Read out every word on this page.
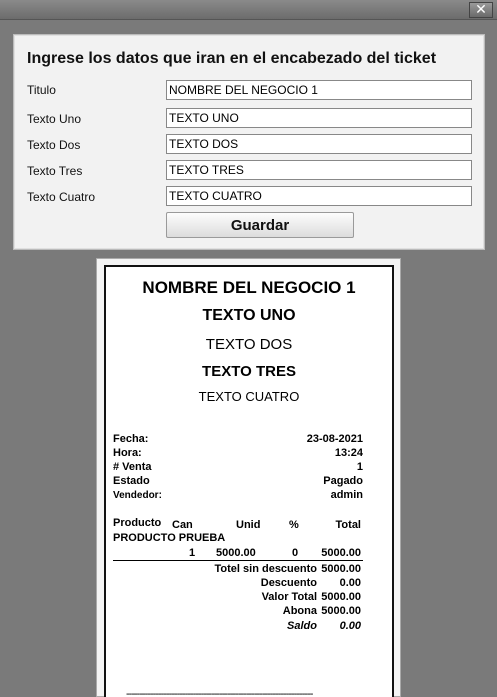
✕
Ingrese los datos que iran en el encabezado del ticket
Titulo
NOMBRE DEL NEGOCIO 1
Texto Uno
TEXTO UNO
Texto Dos
TEXTO DOS
Texto Tres
TEXTO TRES
Texto Cuatro
TEXTO CUATRO
Guardar
NOMBRE DEL NEGOCIO 1
TEXTO UNO
TEXTO DOS
TEXTO TRES
TEXTO CUATRO
Fecha:	23-08-2021
Hora:	13:24
# Venta	1
Estado	Pagado
Vendedor:	admin
Producto Can	Unid	%	Total
PRODUCTO PRUEBA
1 5000.00	0 5000.00
Totel sin descuento 5000.00
Descuento 0.00
Valor Total 5000.00
Abona 5000.00
Saldo 0.00
----------------------------------------------------------------------
